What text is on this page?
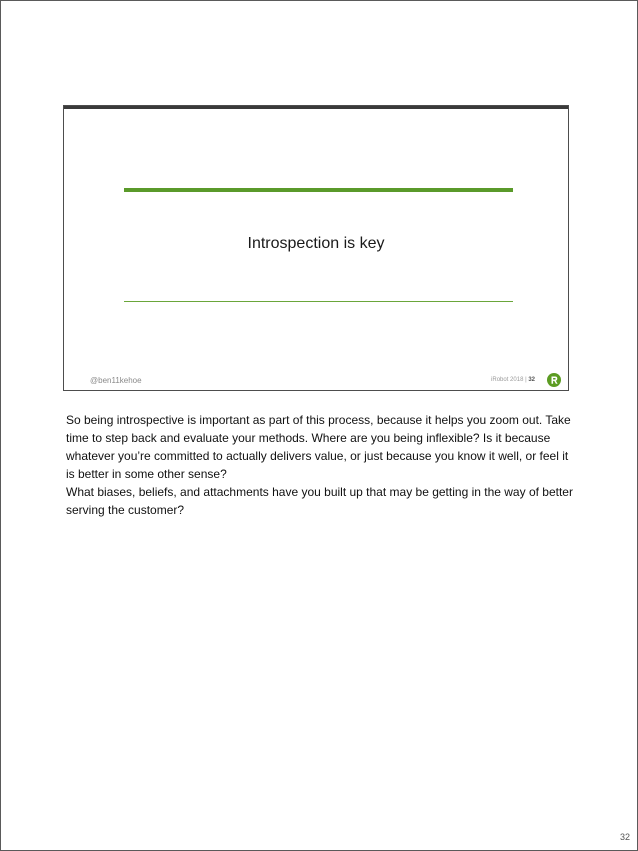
Introspection is key
@ben11kehoe	iRobot 2018 | 32

So being introspective is important as part of this process, because it helps you zoom out. Take time to step back and evaluate your methods. Where are you being inflexible? Is it because whatever you’re committed to actually delivers value, or just because you know it well, or feel it is better in some other sense?

What biases, beliefs, and attachments have you built up that may be getting in the way of better serving the customer?

32
